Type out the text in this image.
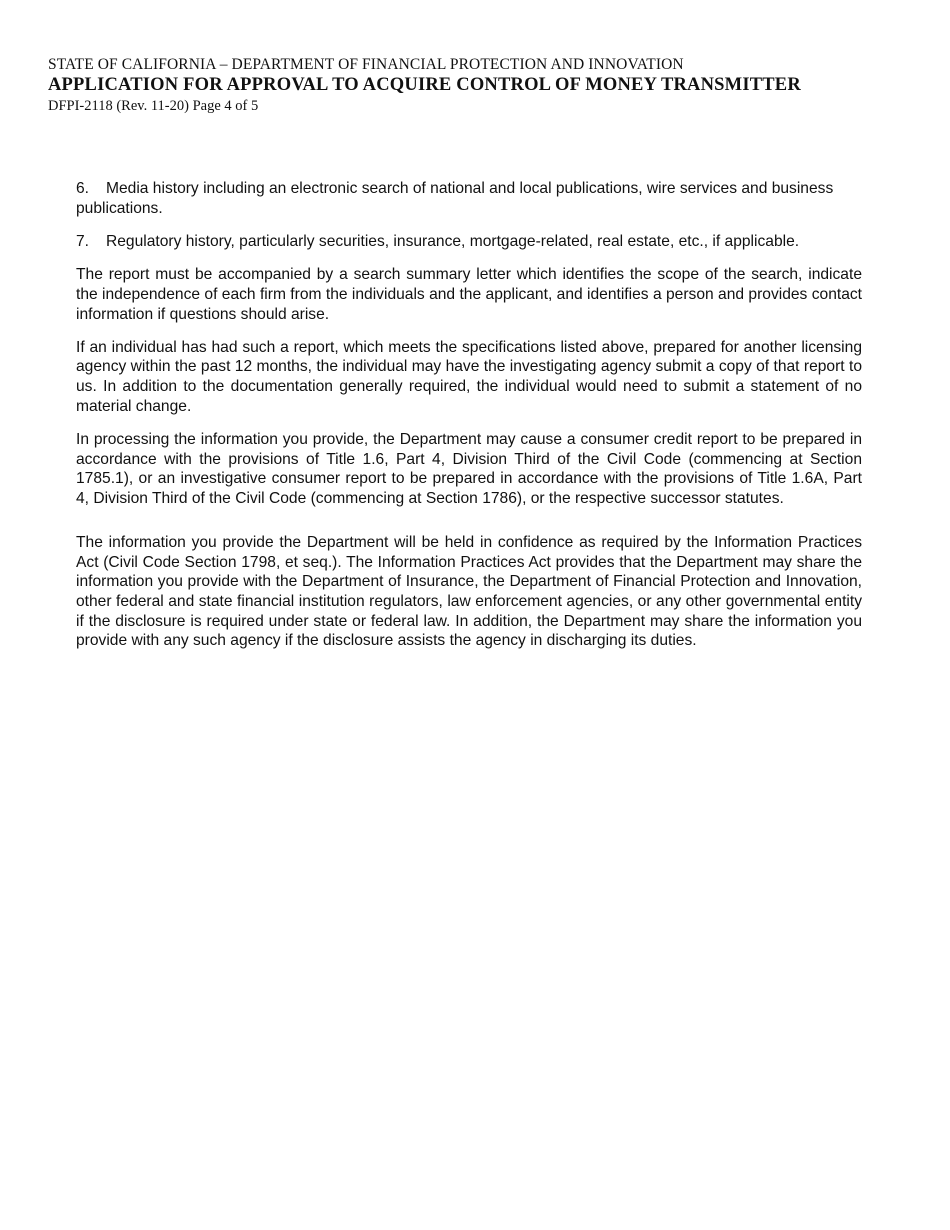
STATE OF CALIFORNIA – DEPARTMENT OF FINANCIAL PROTECTION AND INNOVATION
APPLICATION FOR APPROVAL TO ACQUIRE CONTROL OF MONEY TRANSMITTER
DFPI-2118 (Rev. 11-20) Page 4 of 5

6. Media history including an electronic search of national and local publications, wire services and business publications.

7. Regulatory history, particularly securities, insurance, mortgage-related, real estate, etc., if applicable.

The report must be accompanied by a search summary letter which identifies the scope of the search, indicate the independence of each firm from the individuals and the applicant, and identifies a person and provides contact information if questions should arise.

If an individual has had such a report, which meets the specifications listed above, prepared for another licensing agency within the past 12 months, the individual may have the investigating agency submit a copy of that report to us. In addition to the documentation generally required, the individual would need to submit a statement of no material change.

In processing the information you provide, the Department may cause a consumer credit report to be prepared in accordance with the provisions of Title 1.6, Part 4, Division Third of the Civil Code (commencing at Section 1785.1), or an investigative consumer report to be prepared in accordance with the provisions of Title 1.6A, Part 4, Division Third of the Civil Code (commencing at Section 1786), or the respective successor statutes.

The information you provide the Department will be held in confidence as required by the Information Practices Act (Civil Code Section 1798, et seq.). The Information Practices Act provides that the Department may share the information you provide with the Department of Insurance, the Department of Financial Protection and Innovation, other federal and state financial institution regulators, law enforcement agencies, or any other governmental entity if the disclosure is required under state or federal law. In addition, the Department may share the information you provide with any such agency if the disclosure assists the agency in discharging its duties.
